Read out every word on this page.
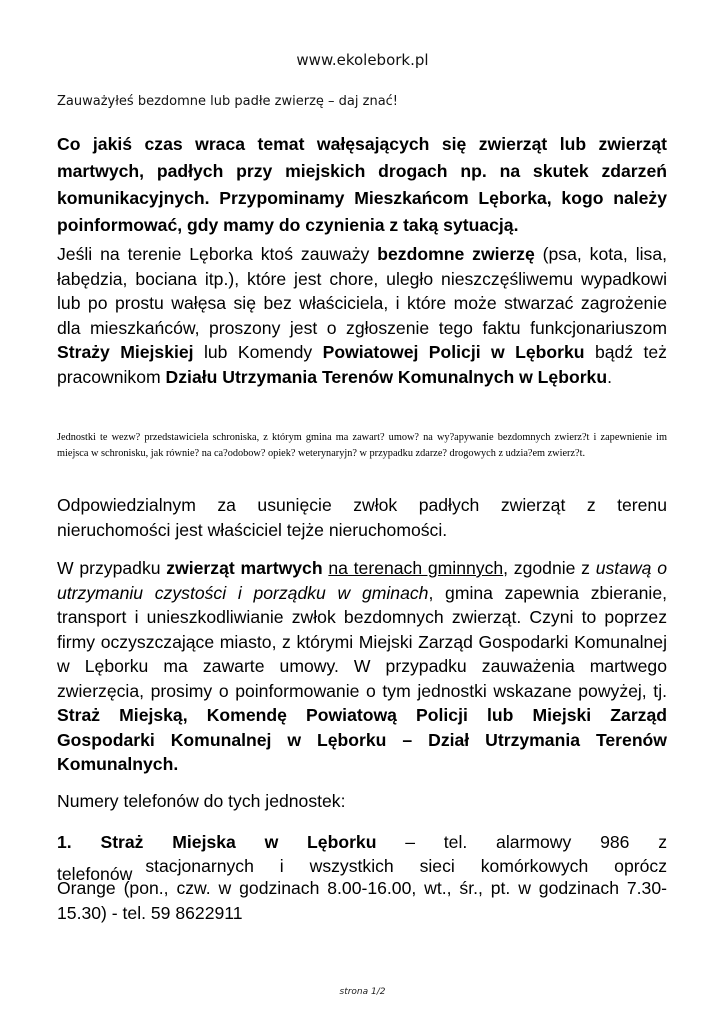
www.ekolebork.pl
Zauważyłeś bezdomne lub padłe zwierzę – daj znać!

Co jakiś czas wraca temat wałęsających się zwierząt lub zwierząt martwych, padłych przy miejskich drogach np. na skutek zdarzeń komunikacyjnych. Przypominamy Mieszkańcom Lęborka, kogo należy poinformować, gdy mamy do czynienia z taką sytuacją.

Jeśli na terenie Lęborka ktoś zauważy bezdomne zwierzę (psa, kota, lisa, łabędzia, bociana itp.), które jest chore, uległo nieszczęśliwemu wypadkowi lub po prostu wałęsa się bez właściciela, i które może stwarzać zagrożenie dla mieszkańców, proszony jest o zgłoszenie tego faktu funkcjonariuszom Straży Miejskiej lub Komendy Powiatowej Policji w Lęborku bądź też pracownikom Działu Utrzymania Terenów Komunalnych w Lęborku.

Jednostki te wezw? przedstawiciela schroniska, z którym gmina ma zawart? umow? na wy?apywanie bezdomnych zwierz?t i zapewnienie im miejsca w schronisku, jak równie? na ca?odobow? opiek? weterynaryjn? w przypadku zdarze? drogowych z udzia?em zwierz?t.

Odpowiedzialnym za usunięcie zwłok padłych zwierząt z terenu nieruchomości jest właściciel tejże nieruchomości.

W przypadku zwierząt martwych na terenach gminnych, zgodnie z ustawą o utrzymaniu czystości i porządku w gminach, gmina zapewnia zbieranie, transport i unieszkodliwianie zwłok bezdomnych zwierząt. Czyni to poprzez firmy oczyszczające miasto, z którymi Miejski Zarząd Gospodarki Komunalnej w Lęborku ma zawarte umowy. W przypadku zauważenia martwego zwierzęcia, prosimy o poinformowanie o tym jednostki wskazane powyżej, tj. Straż Miejską, Komendę Powiatową Policji lub Miejski Zarząd Gospodarki Komunalnej w Lęborku – Dział Utrzymania Terenów Komunalnych.

Numery telefonów do tych jednostek:

1. Straż Miejska w Lęborku – tel. alarmowy 986 z
telefonów stacjonarnych i wszystkich sieci komórkowych oprócz
Orange (pon., czw. w godzinach 8.00-16.00, wt., śr., pt. w godzinach 7.30-15.30) - tel. 59 8622911
strona 1/2
